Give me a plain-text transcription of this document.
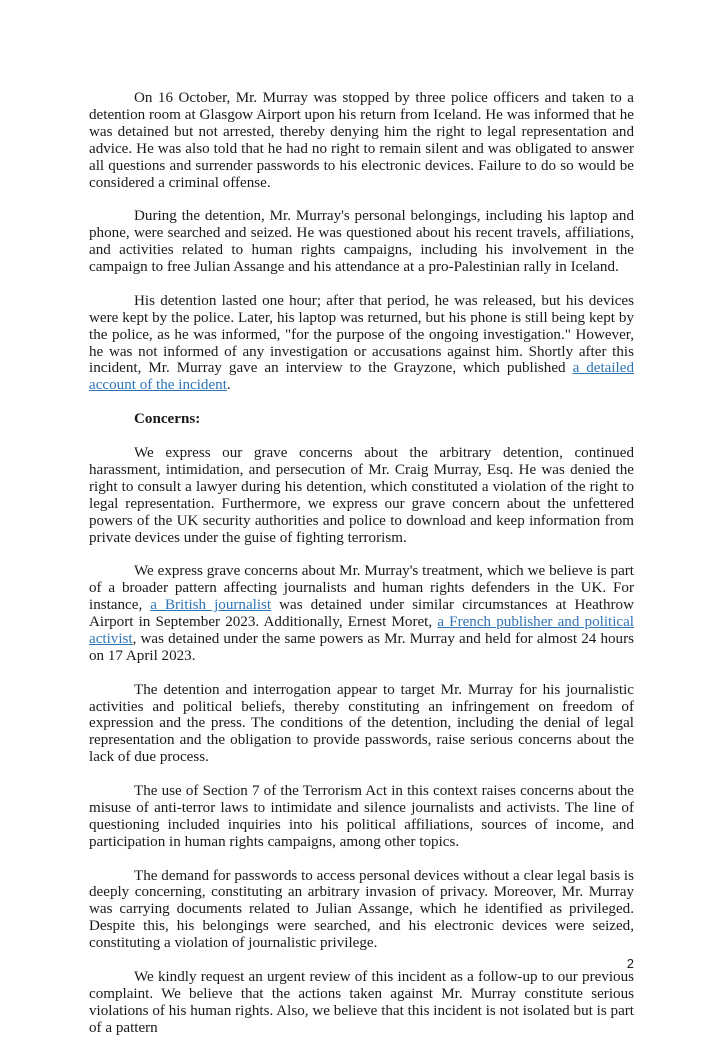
On 16 October, Mr. Murray was stopped by three police officers and taken to a detention room at Glasgow Airport upon his return from Iceland. He was informed that he was detained but not arrested, thereby denying him the right to legal representation and advice. He was also told that he had no right to remain silent and was obligated to answer all questions and surrender passwords to his electronic devices. Failure to do so would be considered a criminal offense.

During the detention, Mr. Murray's personal belongings, including his laptop and phone, were searched and seized. He was questioned about his recent travels, affiliations, and activities related to human rights campaigns, including his involvement in the campaign to free Julian Assange and his attendance at a pro-Palestinian rally in Iceland.

His detention lasted one hour; after that period, he was released, but his devices were kept by the police. Later, his laptop was returned, but his phone is still being kept by the police, as he was informed, "for the purpose of the ongoing investigation." However, he was not informed of any investigation or accusations against him. Shortly after this incident, Mr. Murray gave an interview to the Grayzone, which published a detailed account of the incident.

Concerns:

We express our grave concerns about the arbitrary detention, continued harassment, intimidation, and persecution of Mr. Craig Murray, Esq. He was denied the right to consult a lawyer during his detention, which constituted a violation of the right to legal representation. Furthermore, we express our grave concern about the unfettered powers of the UK security authorities and police to download and keep information from private devices under the guise of fighting terrorism.

We express grave concerns about Mr. Murray's treatment, which we believe is part of a broader pattern affecting journalists and human rights defenders in the UK. For instance, a British journalist was detained under similar circumstances at Heathrow Airport in September 2023. Additionally, Ernest Moret, a French publisher and political activist, was detained under the same powers as Mr. Murray and held for almost 24 hours on 17 April 2023.

The detention and interrogation appear to target Mr. Murray for his journalistic activities and political beliefs, thereby constituting an infringement on freedom of expression and the press. The conditions of the detention, including the denial of legal representation and the obligation to provide passwords, raise serious concerns about the lack of due process.

The use of Section 7 of the Terrorism Act in this context raises concerns about the misuse of anti-terror laws to intimidate and silence journalists and activists. The line of questioning included inquiries into his political affiliations, sources of income, and participation in human rights campaigns, among other topics.

The demand for passwords to access personal devices without a clear legal basis is deeply concerning, constituting an arbitrary invasion of privacy. Moreover, Mr. Murray was carrying documents related to Julian Assange, which he identified as privileged. Despite this, his belongings were searched, and his electronic devices were seized, constituting a violation of journalistic privilege.

We kindly request an urgent review of this incident as a follow-up to our previous complaint. We believe that the actions taken against Mr. Murray constitute serious violations of his human rights. Also, we believe that this incident is not isolated but is part of a pattern

2
